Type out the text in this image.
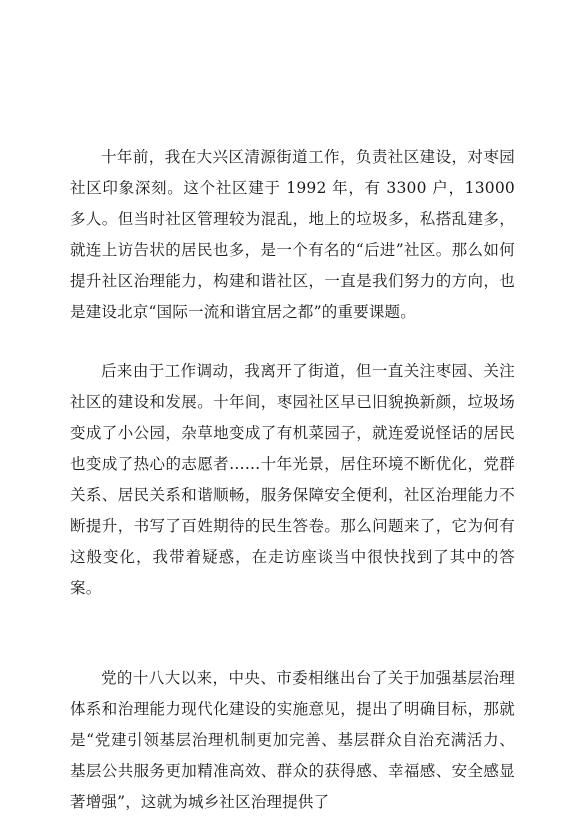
十年前，我在大兴区清源街道工作，负责社区建设，对枣园社区印象深刻。这个社区建于 1992 年，有 3300 户，13000 多人。但当时社区管理较为混乱，地上的垃圾多，私搭乱建多，就连上访告状的居民也多，是一个有名的“后进”社区。那么如何提升社区治理能力，构建和谐社区，一直是我们努力的方向，也是建设北京“国际一流和谐宜居之都”的重要课题。

后来由于工作调动，我离开了街道，但一直关注枣园、关注社区的建设和发展。十年间，枣园社区早已旧貌换新颜，垃圾场变成了小公园，杂草地变成了有机菜园子，就连爱说怪话的居民也变成了热心的志愿者……十年光景，居住环境不断优化，党群关系、居民关系和谐顺畅，服务保障安全便利，社区治理能力不断提升，书写了百姓期待的民生答卷。那么问题来了，它为何有这般变化，我带着疑惑，在走访座谈当中很快找到了其中的答案。

党的十八大以来，中央、市委相继出台了关于加强基层治理体系和治理能力现代化建设的实施意见，提出了明确目标，那就是“党建引领基层治理机制更加完善、基层群众自治充满活力、基层公共服务更加精准高效、群众的获得感、幸福感、安全感显著增强”，这就为城乡社区治理提供了
